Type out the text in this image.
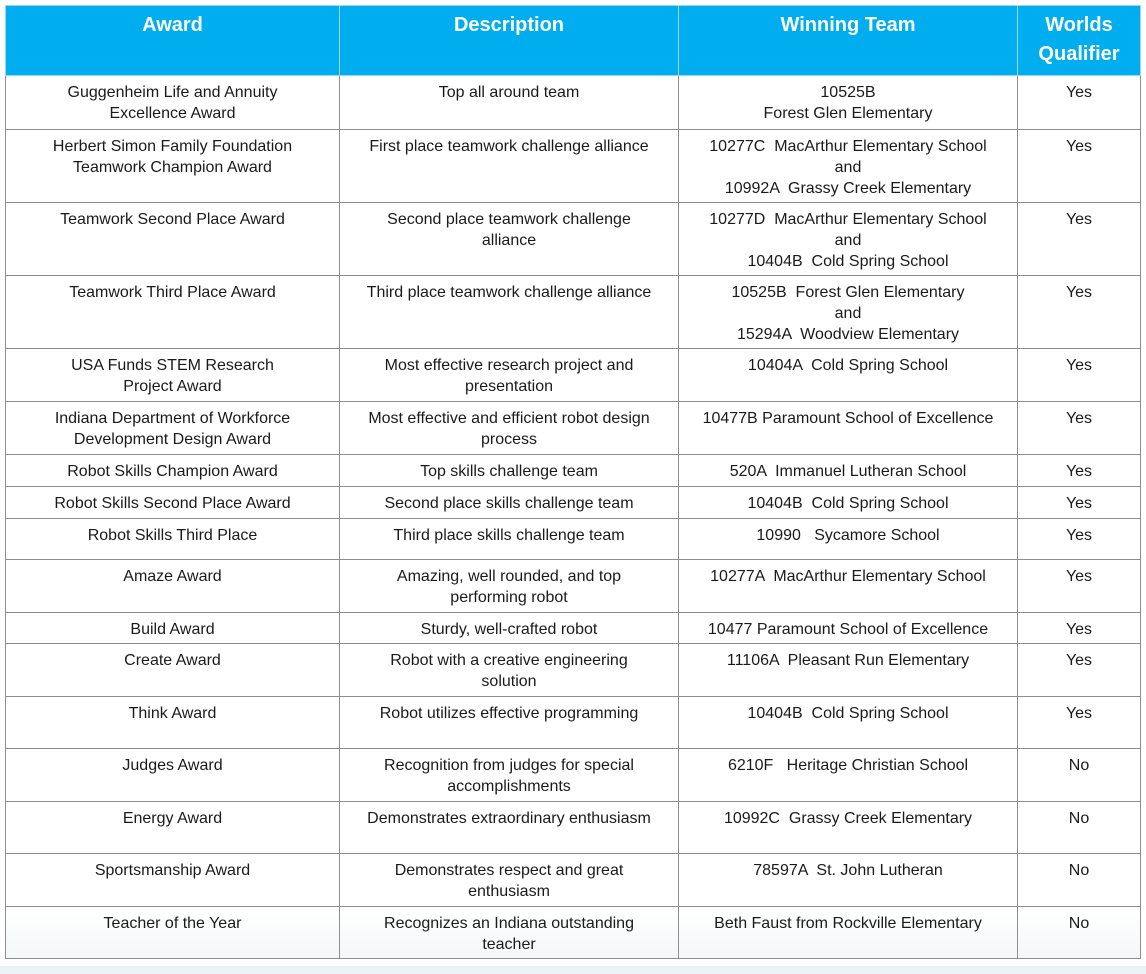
Award	Description	Winning Team	Worlds Qualifier

Guggenheim Life and Annuity
Excellence Award	Top all around team	10525B
Forest Glen Elementary	Yes

Herbert Simon Family Foundation
Teamwork Champion Award	First place teamwork challenge alliance	10277C  MacArthur Elementary School
and
10992A  Grassy Creek Elementary	Yes

Teamwork Second Place Award	Second place teamwork challenge
alliance	10277D  MacArthur Elementary School
and
10404B  Cold Spring School	Yes

Teamwork Third Place Award	Third place teamwork challenge alliance	10525B  Forest Glen Elementary
and
15294A  Woodview Elementary	Yes

USA Funds STEM Research
Project Award	Most effective research project and
presentation	10404A  Cold Spring School	Yes

Indiana Department of Workforce
Development Design Award	Most effective and efficient robot design
process	10477B Paramount School of Excellence	Yes

Robot Skills Champion Award	Top skills challenge team	520A  Immanuel Lutheran School	Yes

Robot Skills Second Place Award	Second place skills challenge team	10404B  Cold Spring School	Yes

Robot Skills Third Place	Third place skills challenge team	10990   Sycamore School	Yes

Amaze Award	Amazing, well rounded, and top
performing robot	10277A  MacArthur Elementary School	Yes

Build Award	Sturdy, well-crafted robot	10477 Paramount School of Excellence	Yes

Create Award	Robot with a creative engineering
solution	11106A  Pleasant Run Elementary	Yes

Think Award	Robot utilizes effective programming	10404B  Cold Spring School	Yes

Judges Award	Recognition from judges for special
accomplishments	6210F   Heritage Christian School	No

Energy Award	Demonstrates extraordinary enthusiasm	10992C  Grassy Creek Elementary	No

Sportsmanship Award	Demonstrates respect and great
enthusiasm	78597A  St. John Lutheran	No

Teacher of the Year	Recognizes an Indiana outstanding
teacher	Beth Faust from Rockville Elementary	No
